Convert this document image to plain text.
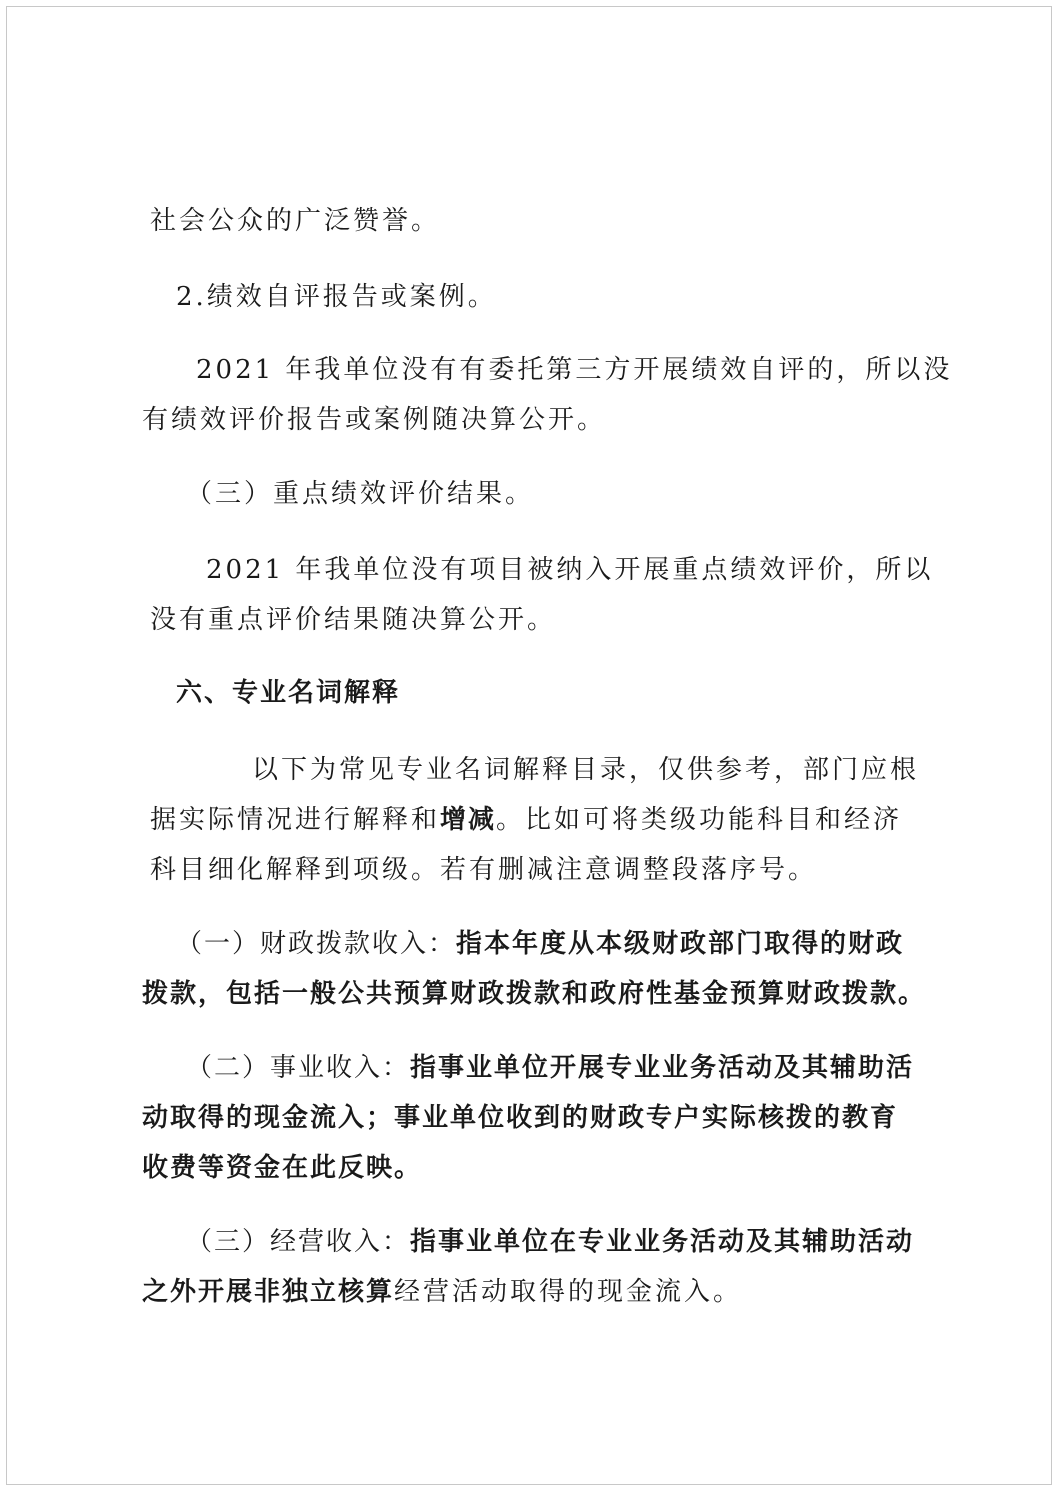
社会公众的广泛赞誉。
2.绩效自评报告或案例。
2021 年我单位没有有委托第三方开展绩效自评的，所以没
有绩效评价报告或案例随决算公开。
（三）重点绩效评价结果。
2021 年我单位没有项目被纳入开展重点绩效评价，所以
没有重点评价结果随决算公开。
六、专业名词解释
以下为常见专业名词解释目录，仅供参考，部门应根
据实际情况进行解释和增减。比如可将类级功能科目和经济
科目细化解释到项级。若有删减注意调整段落序号。
（一）财政拨款收入：指本年度从本级财政部门取得的财政
拨款，包括一般公共预算财政拨款和政府性基金预算财政拨款。
（二）事业收入：指事业单位开展专业业务活动及其辅助活
动取得的现金流入；事业单位收到的财政专户实际核拨的教育
收费等资金在此反映。
（三）经营收入：指事业单位在专业业务活动及其辅助活动
之外开展非独立核算经营活动取得的现金流入。
